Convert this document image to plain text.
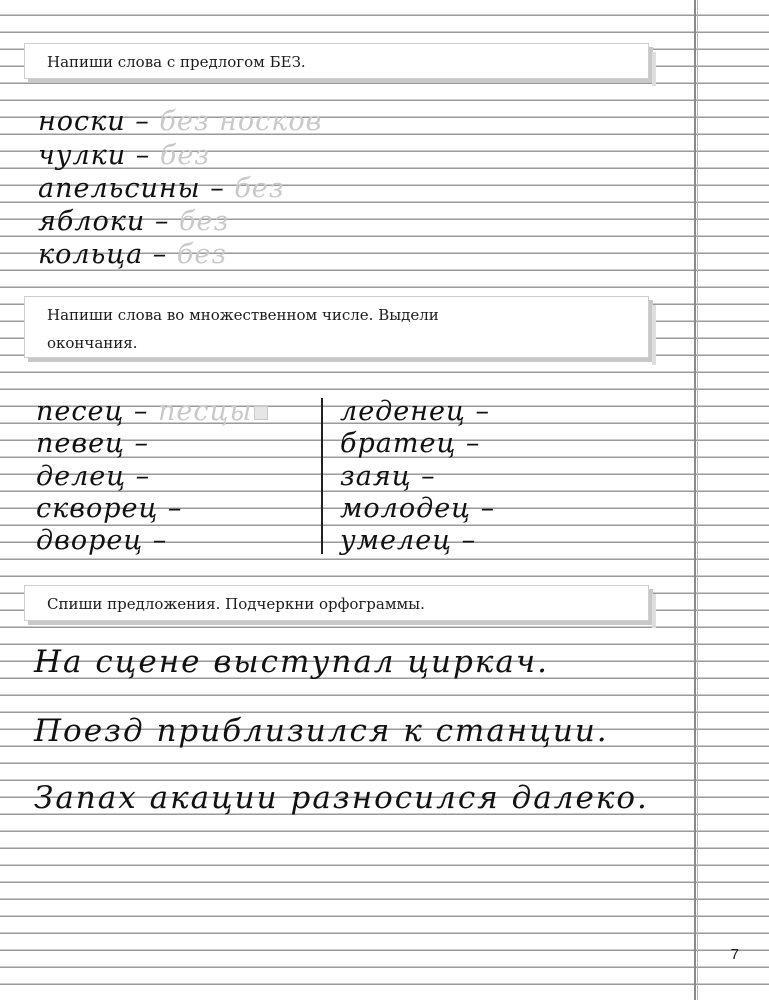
Напиши слова с предлогом БЕЗ.
носки – без носков
чулки – без
апельсины – без
яблоки – без
кольца – без
Напиши слова во множественном числе. Выдели
окончания.
песец – песцы
певец –
делец –
скворец –
дворец –
леденец –
братец –
заяц –
молодец –
умелец –
Спиши предложения. Подчеркни орфограммы.
На сцене выступал циркач.
Поезд приблизился к станции.
Запах акации разносился далеко.
7
